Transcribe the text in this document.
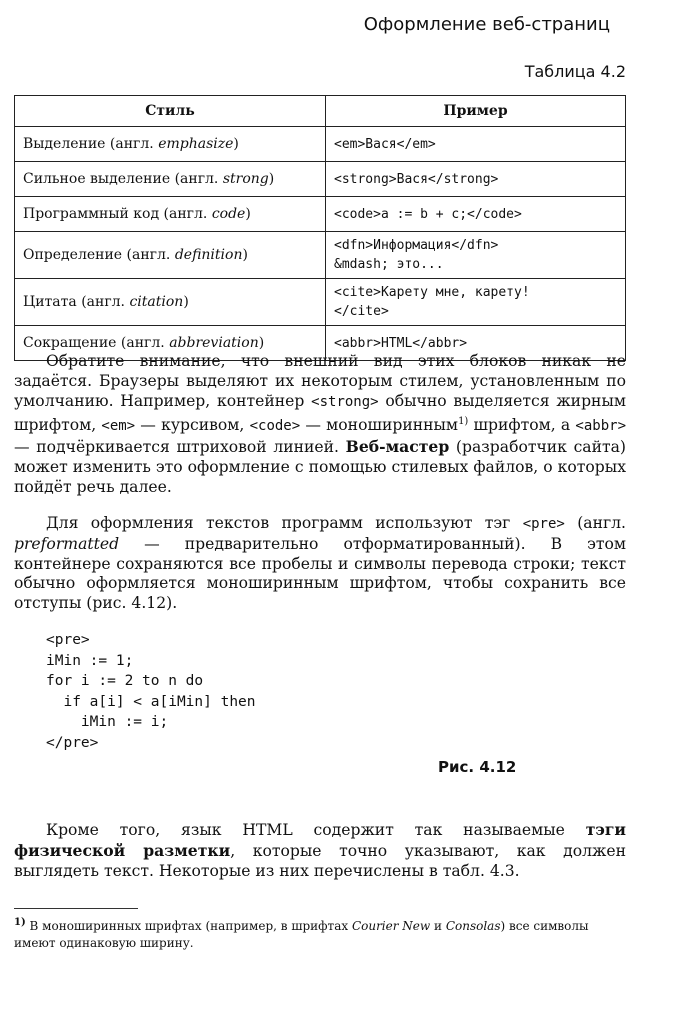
Оформление веб-страниц
Таблица 4.2
Стиль	Пример
Выделение (англ. emphasize)	<em>Вася</em>
Сильное выделение (англ. strong)	<strong>Вася</strong>
Программный код (англ. code)	<code>a := b + c;</code>
Определение (англ. definition)	<dfn>Информация</dfn>
&mdash; это...

Цитата (англ. citation)	<cite>Карету мне, карету!
</cite>

Сокращение (англ. abbreviation)	<abbr>HTML</abbr>

Обратите внимание, что внешний вид этих блоков никак не задаётся. Браузеры выделяют их некоторым стилем, установленным по умолчанию. Например, контейнер <strong> обычно выделяется жирным шрифтом, <em> — курсивом, <code> — моноширинным$^{1)}$ шрифтом, а <abbr> — подчёркивается штриховой линией. Веб-мастер (разработчик сайта) может изменить это оформление с помощью стилевых файлов, о которых пойдёт речь далее.

Для оформления текстов программ используют тэг <pre> (англ. preformatted — предварительно отформатированный). В этом контейнере сохраняются все пробелы и символы перевода строки; текст обычно оформляется моноширинным шрифтом, чтобы сохранить все отступы (рис. 4.12).

<pre>
iMin := 1;
for i := 2 to n do
if a[i] < a[iMin] then
iMin := i;
</pre>
Рис. 4.12

Кроме того, язык HTML содержит так называемые тэги физической разметки, которые точно указывают, как должен выглядеть текст. Некоторые из них перечислены в табл. 4.3.

$^{1)}$ В моноширинных шрифтах (например, в шрифтах Courier New и Consolas) все символы имеют одинаковую ширину.
